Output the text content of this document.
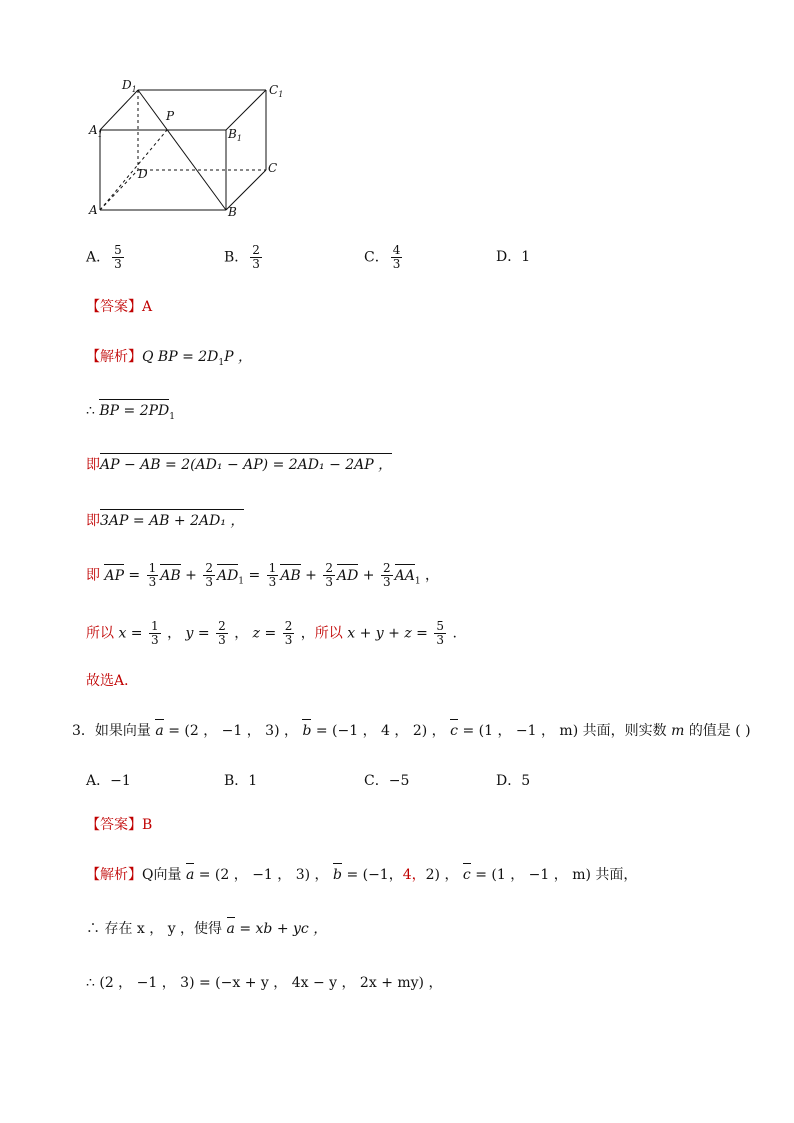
$D_1$	$C_1$
$A_1$	$B_1$
P
D	C
A	B
A． $\frac{5}{3}$	B． $\frac{2}{3}$	C． $\frac{4}{3}$	D．1
【答案】A
【解析】Q BP = $2D_1P$ ，
∴ BP = $2PD_1$
即AP − AB = 2(AD₁ − AP) = 2AD₁ − 2AP ，
即3AP = AB + 2AD₁ ，
即 AP = $\frac{1}{3}$ AB + $\frac{2}{3} AD_1 = \frac{1}{3}$ AB + $\frac{2}{3}$ AD + $\frac{2}{3} AA_1$ ，
所以 $x = \frac{1}{3}$ ， $y = \frac{2}{3}$ ， $z = \frac{2}{3}$ ，所以 $x + y + z = \frac{5}{3}$ .
故选A．
3．如果向量 a = (2 ， −1 ， 3) ， b = (−1 ， 4 ， 2) ， c = (1 ， −1 ， m) 共面，则实数 m 的值是 ( )
A．−1	B．1	C．−5	D．5
【答案】B
【解析】Q向量 a = (2 ， −1 ， 3) ， b = (−1，4，2) ， c = (1 ， −1 ， m) 共面，
∴ 存在 x ， y ，使得 a = xb + yc ，
∴ (2 ， −1 ， 3) = (−x + y ， 4x − y ， 2x + my) ，
